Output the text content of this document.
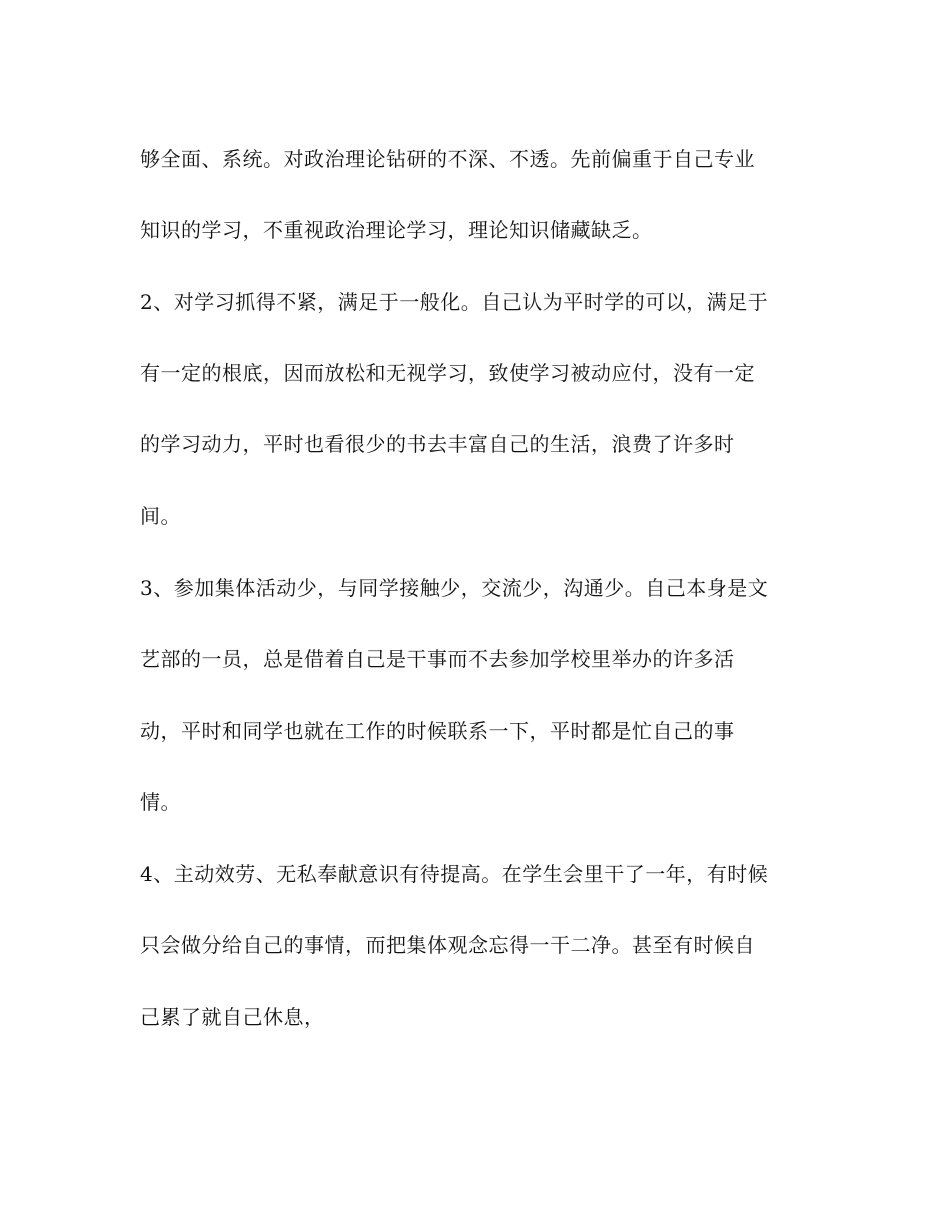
够全面、系统。对政治理论钻研的不深、不透。先前偏重于自己专业
知识的学习，不重视政治理论学习，理论知识储藏缺乏。
2、对学习抓得不紧，满足于一般化。自己认为平时学的可以，满足于
有一定的根底，因而放松和无视学习，致使学习被动应付，没有一定
的学习动力，平时也看很少的书去丰富自己的生活，浪费了许多时
间。
3、参加集体活动少，与同学接触少，交流少，沟通少。自己本身是文
艺部的一员，总是借着自己是干事而不去参加学校里举办的许多活
动，平时和同学也就在工作的时候联系一下，平时都是忙自己的事
情。
4、主动效劳、无私奉献意识有待提高。在学生会里干了一年，有时候
只会做分给自己的事情，而把集体观念忘得一干二净。甚至有时候自
己累了就自己休息，
